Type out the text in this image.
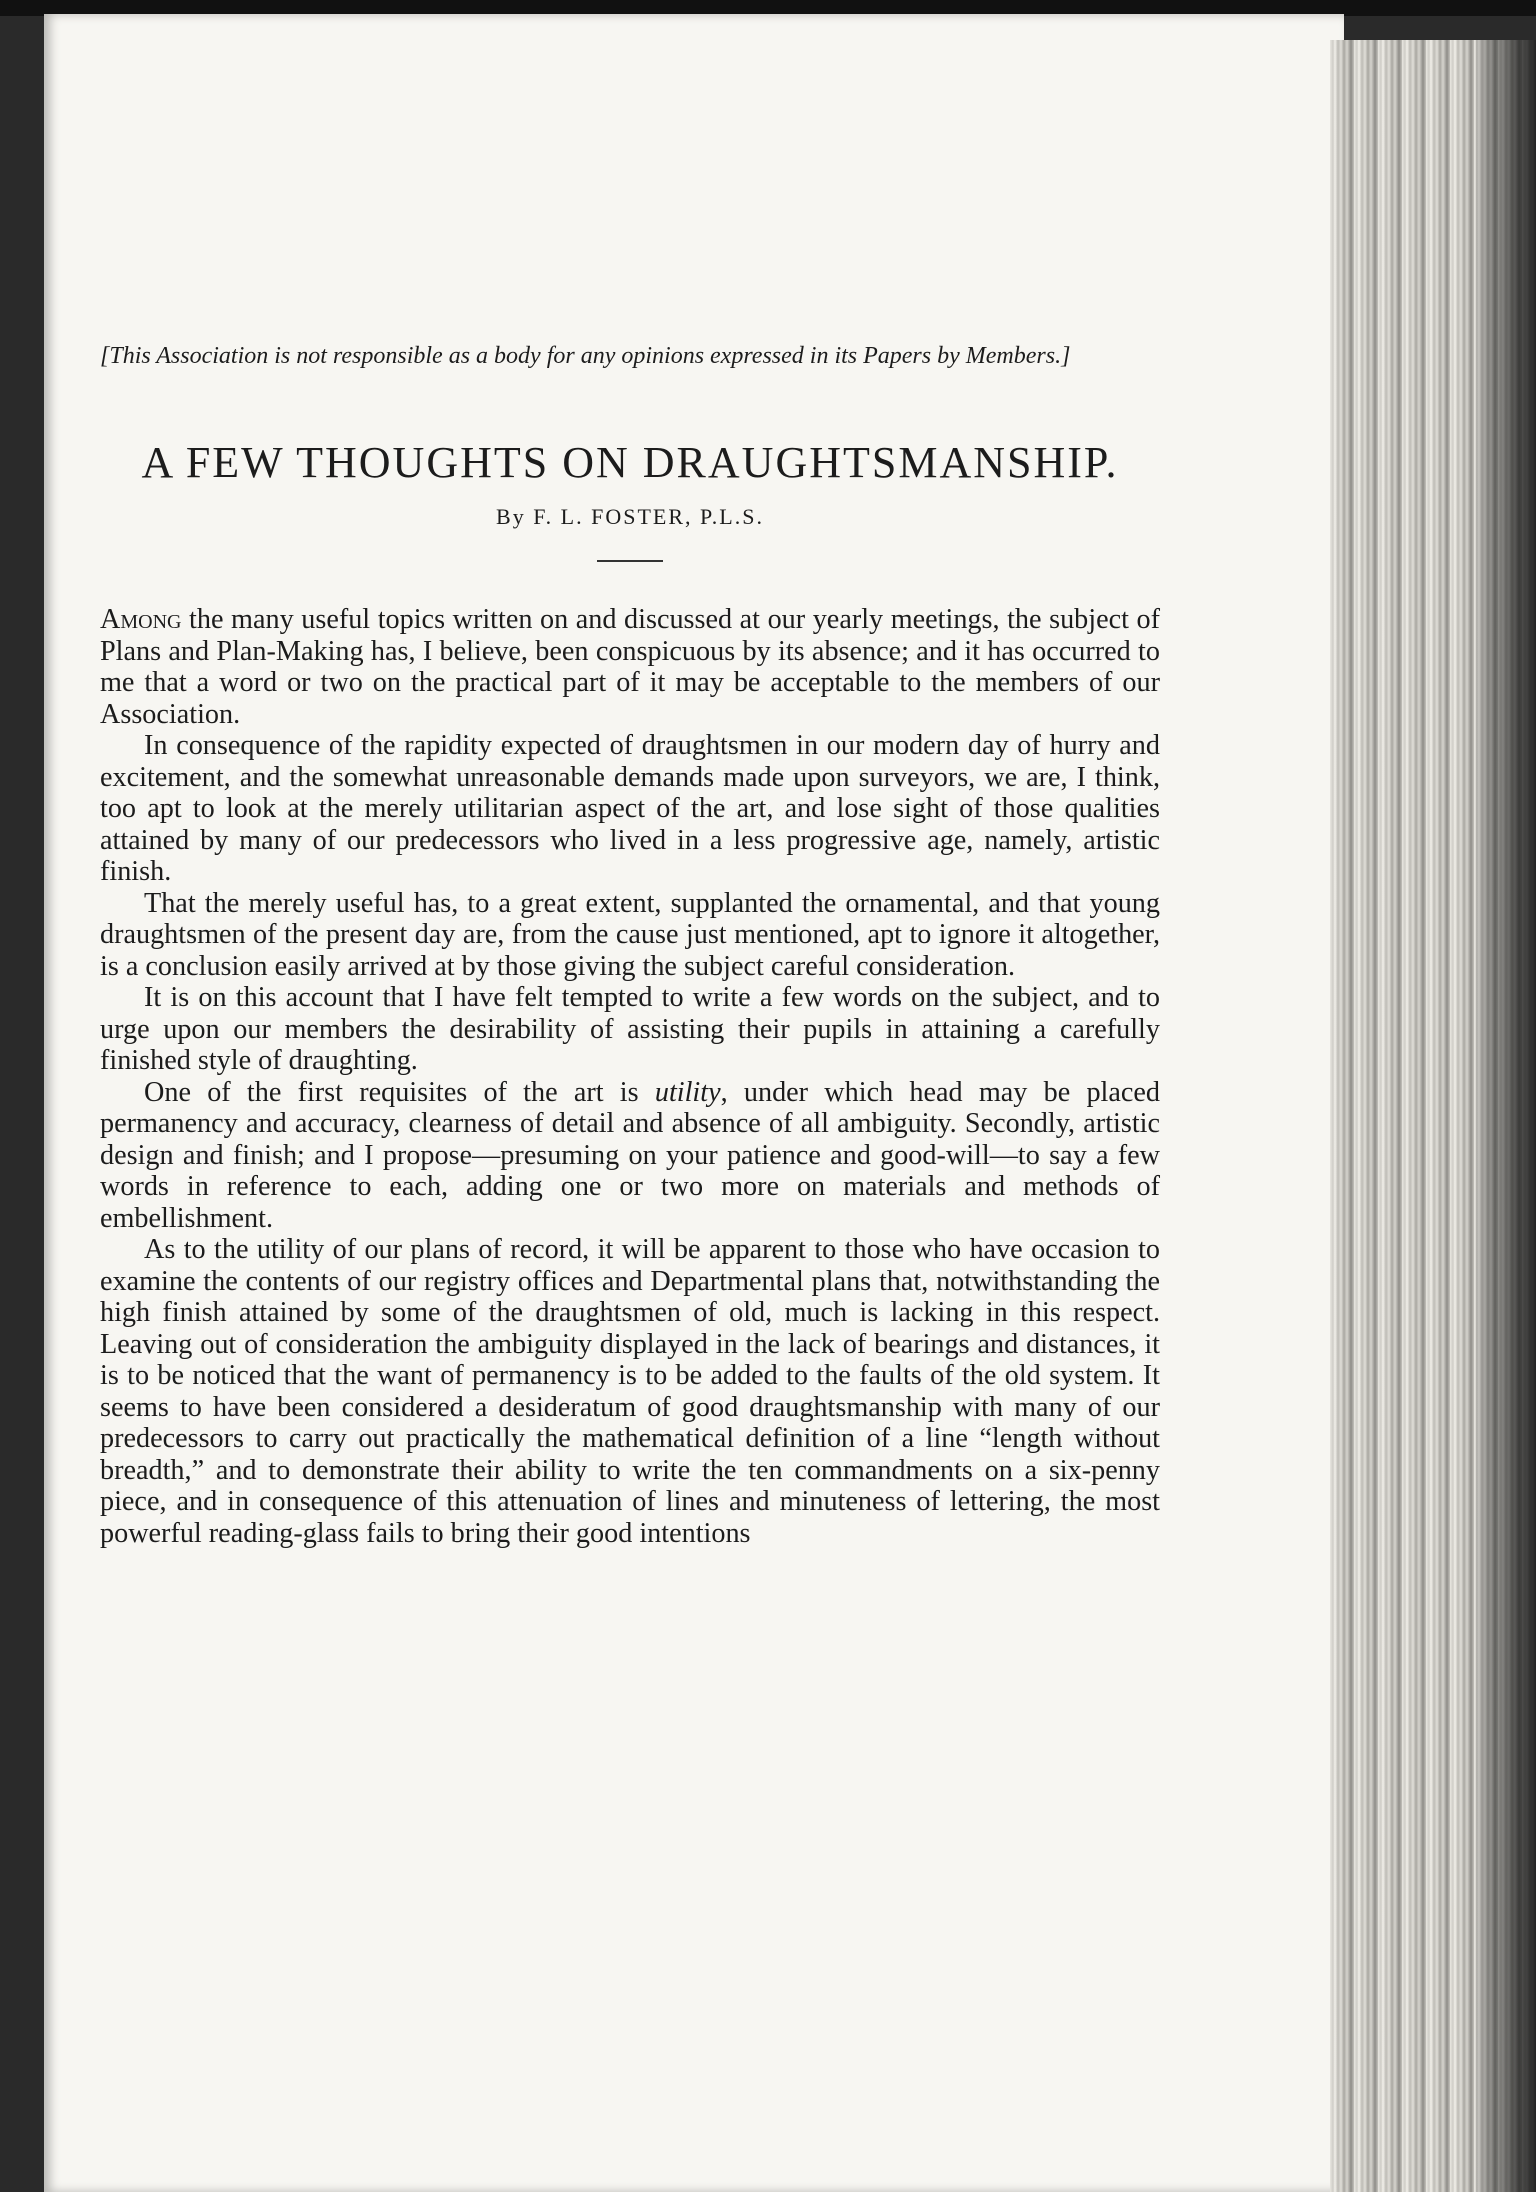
[This Association is not responsible as a body for any opinions expressed in its Papers by Members.]

A FEW THOUGHTS ON DRAUGHTSMANSHIP.
By F. L. FOSTER, P.L.S.

Among the many useful topics written on and discussed at our yearly meetings, the subject of Plans and Plan-Making has, I believe, been conspicuous by its absence; and it has occurred to me that a word or two on the practical part of it may be acceptable to the members of our Association.

In consequence of the rapidity expected of draughtsmen in our modern day of hurry and excitement, and the somewhat unreasonable demands made upon surveyors, we are, I think, too apt to look at the merely utilitarian aspect of the art, and lose sight of those qualities attained by many of our predecessors who lived in a less progressive age, namely, artistic finish.

That the merely useful has, to a great extent, supplanted the ornamental, and that young draughtsmen of the present day are, from the cause just mentioned, apt to ignore it altogether, is a conclusion easily arrived at by those giving the subject careful consideration.

It is on this account that I have felt tempted to write a few words on the subject, and to urge upon our members the desirability of assisting their pupils in attaining a carefully finished style of draughting.

One of the first requisites of the art is utility, under which head may be placed permanency and accuracy, clearness of detail and absence of all ambiguity. Secondly, artistic design and finish; and I propose—presuming on your patience and good-will—to say a few words in reference to each, adding one or two more on materials and methods of embellishment.

As to the utility of our plans of record, it will be apparent to those who have occasion to examine the contents of our registry offices and Departmental plans that, notwithstanding the high finish attained by some of the draughtsmen of old, much is lacking in this respect. Leaving out of consideration the ambiguity displayed in the lack of bearings and distances, it is to be noticed that the want of permanency is to be added to the faults of the old system. It seems to have been considered a desideratum of good draughtsmanship with many of our predecessors to carry out practically the mathematical definition of a line “length without breadth,” and to demonstrate their ability to write the ten commandments on a six-penny piece, and in consequence of this attenuation of lines and minuteness of lettering, the most powerful reading-glass fails to bring their good intentions
